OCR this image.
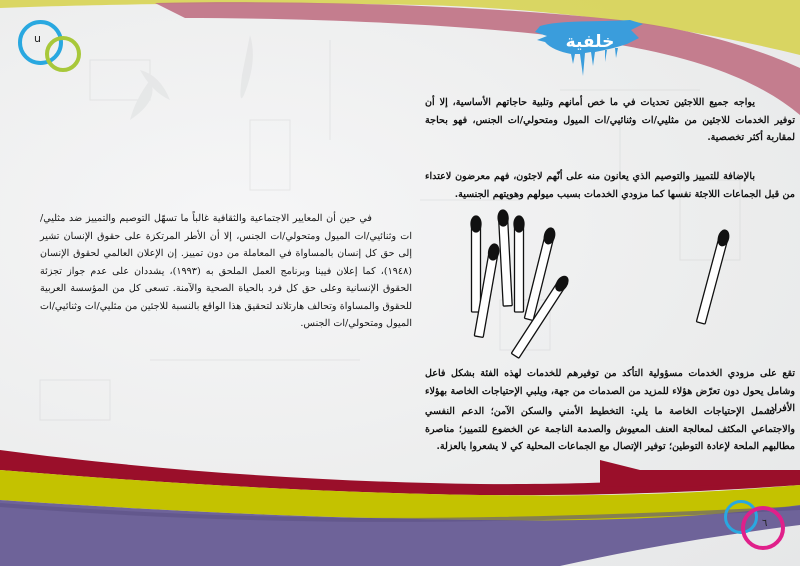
u	خلفية

يواجه جميع اللاجئين تحديات في ما خص أمانهم وتلبية حاجاتهم الأساسية، إلا أن توفير الخدمات للاجئين من مثليي/ات وثنائيي/ات الميول ومتحولي/ات الجنس، فهو بحاجة لمقاربة أكثر تخصصية.

بالإضافة للتمييز والتوصيم الذي يعانون منه على أنّهم لاجئون، فهم معرضون لاعتداء من قبل الجماعات اللاجئة نفسها كما مزودي الخدمات بسبب ميولهم وهويتهم الجنسية.

تقع على مزودي الخدمات مسؤولية التأكد من توفيرهم للخدمات لهذه الفئة بشكل فاعل وشامل يحول دون تعرّض هؤلاء للمزيد من الصدمات من جهة، ويلبي الإحتياجات الخاصة بهؤلاء الأفراد.

تشمل الإحتياجات الخاصة ما يلي: التخطيط الأمني والسكن الآمن؛ الدعم النفسي والاجتماعي المكثف لمعالجة العنف المعيوش والصدمة الناجمة عن الخضوع للتمييز؛ مناصرة مطالبهم الملحة لإعادة التوطين؛ توفير الإتصال مع الجماعات المحلية كي لا يشعروا بالعزلة.

في حين أن المعايير الاجتماعية والثقافية غالباً ما تسهّل التوصيم والتمييز ضد مثليي/ات وثنائيي/ات الميول ومتحولي/ات الجنس، إلا أن الأطر المرتكزة على حقوق الإنسان تشير إلى حق كل إنسان بالمساواة في المعاملة من دون تمييز. إن الإعلان العالمي لحقوق الإنسان (١٩٤٨)، كما إعلان فيينا وبرنامج العمل الملحق به (١٩٩٣)، يشددان على عدم جواز تجزئة الحقوق الإنسانية وعلى حق كل فرد بالحياة الصحية والآمنة. تسعى كل من المؤسسة العربية للحقوق والمساواة وتحالف هارتلاند لتحقيق هذا الواقع بالنسبة للاجئين من مثليي/ات وثنائيي/ات الميول ومتحولي/ات الجنس.

٦
